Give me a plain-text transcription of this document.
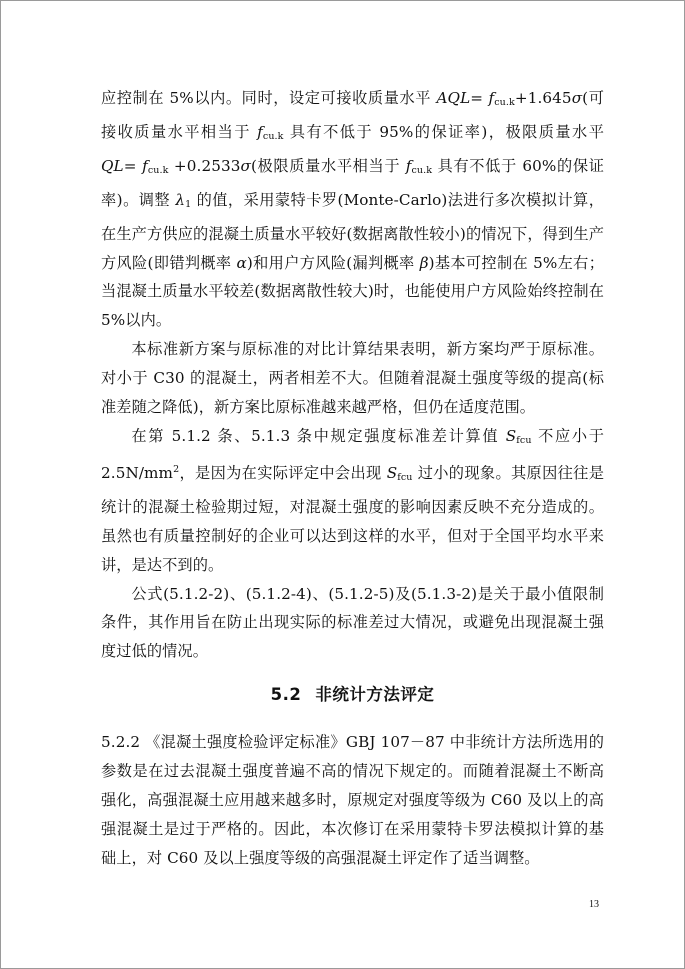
应控制在 5%以内。同时，设定可接收质量水平 $AQL= f_{cu.k}+1.645\sigma$(可接收质量水平相当于 $f_{cu.k}$ 具有不低于 95%的保证率)，极限质量水平 $QL= f_{cu.k} +0.2533\sigma$(极限质量水平相当于 $f_{cu.k}$ 具有不低于 60%的保证率)。调整 $\lambda_1$ 的值，采用蒙特卡罗(Monte-Carlo)法进行多次模拟计算，在生产方供应的混凝土质量水平较好(数据离散性较小)的情况下，得到生产方风险(即错判概率 α)和用户方风险(漏判概率 β)基本可控制在 5%左右；当混凝土质量水平较差(数据离散性较大)时，也能使用户方风险始终控制在 5%以内。

本标准新方案与原标准的对比计算结果表明，新方案均严于原标准。对小于 C30 的混凝土，两者相差不大。但随着混凝土强度等级的提高(标准差随之降低)，新方案比原标准越来越严格，但仍在适度范围。

在第 5.1.2 条、5.1.3 条中规定强度标准差计算值 $S_{fcu}$ 不应小于 $2.5N/mm^2$，是因为在实际评定中会出现 $S_{fcu}$ 过小的现象。其原因往往是统计的混凝土检验期过短，对混凝土强度的影响因素反映不充分造成的。虽然也有质量控制好的企业可以达到这样的水平，但对于全国平均水平来讲，是达不到的。

公式(5.1.2-2)、(5.1.2-4)、(5.1.2-5)及(5.1.3-2)是关于最小值限制条件，其作用旨在防止出现实际的标准差过大情况，或避免出现混凝土强度过低的情况。

5.2 非统计方法评定

5.2.2 《混凝土强度检验评定标准》GBJ 107－87 中非统计方法所选用的参数是在过去混凝土强度普遍不高的情况下规定的。而随着混凝土不断高强化，高强混凝土应用越来越多时，原规定对强度等级为 C60 及以上的高强混凝土是过于严格的。因此，本次修订在采用蒙特卡罗法模拟计算的基础上，对 C60 及以上强度等级的高强混凝土评定作了适当调整。

13
